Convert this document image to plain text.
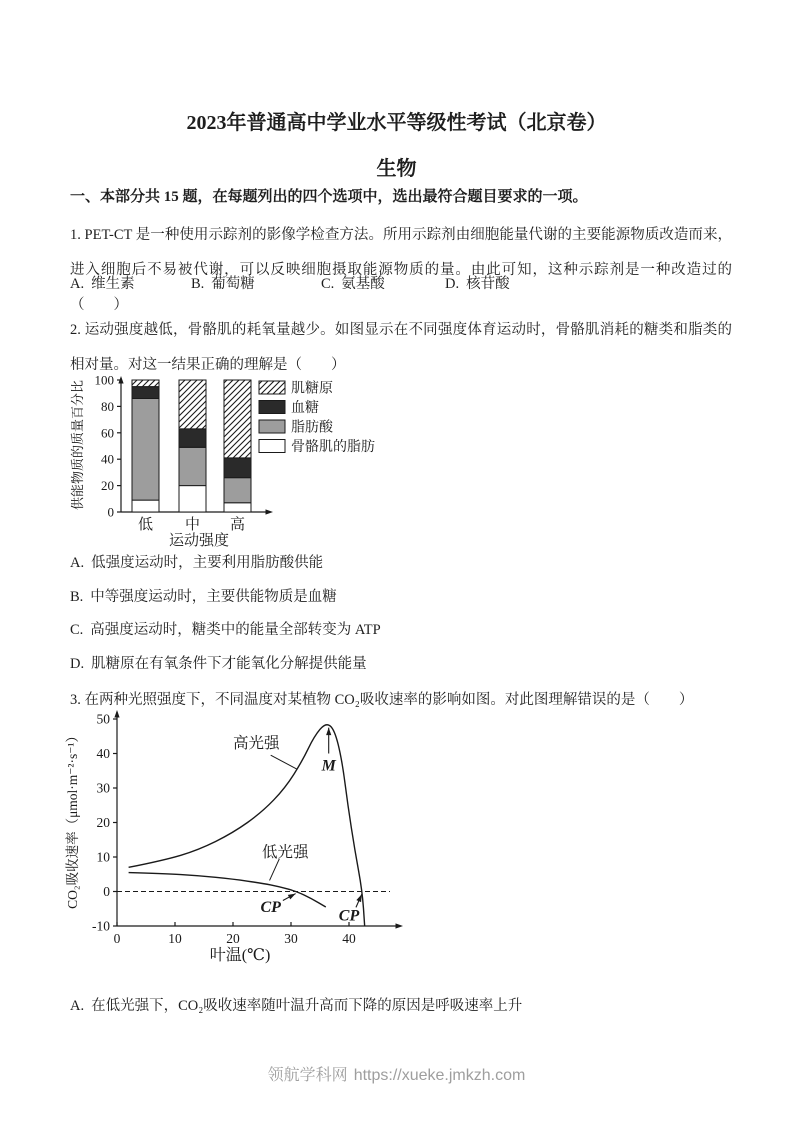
2023年普通高中学业水平等级性考试（北京卷）
生物

一、本部分共 15 题，在每题列出的四个选项中，选出最符合题目要求的一项。

1. PET-CT 是一种使用示踪剂的影像学检查方法。所用示踪剂由细胞能量代谢的主要能源物质改造而来，进入细胞后不易被代谢，可以反映细胞摄取能源物质的量。由此可知，这种示踪剂是一种改造过的（　　）

A. 维生素	B. 葡萄糖	C. 氨基酸	D. 核苷酸

2. 运动强度越低，骨骼肌的耗氧量越少。如图显示在不同强度体育运动时，骨骼肌消耗的糖类和脂类的相对量。对这一结果正确的理解是（　　）

0
20
40
60
80
100
低 中 高
运动强度
供能物质的质量百分比	肌糖原
血糖
脂肪酸
骨骼肌的脂肪
A. 低强度运动时，主要利用脂肪酸供能
B. 中等强度运动时，主要供能物质是血糖
C. 高强度运动时，糖类中的能量全部转变为 ATP
D. 肌糖原在有氧条件下才能氧化分解提供能量

3. 在两种光照强度下，不同温度对某植物 CO₂吸收速率的影响如图。对此图理解错误的是（　　）

-10
0
10
20
30
40
50
0	10	20	30	40
高光强
M
低光强
CP
CP
叶温(℃)
CO₂吸收速率（μmol·m⁻²·s⁻¹）

A. 在低光强下，CO₂吸收速率随叶温升高而下降的原因是呼吸速率上升

领航学科网 https://xueke.jmkzh.com
